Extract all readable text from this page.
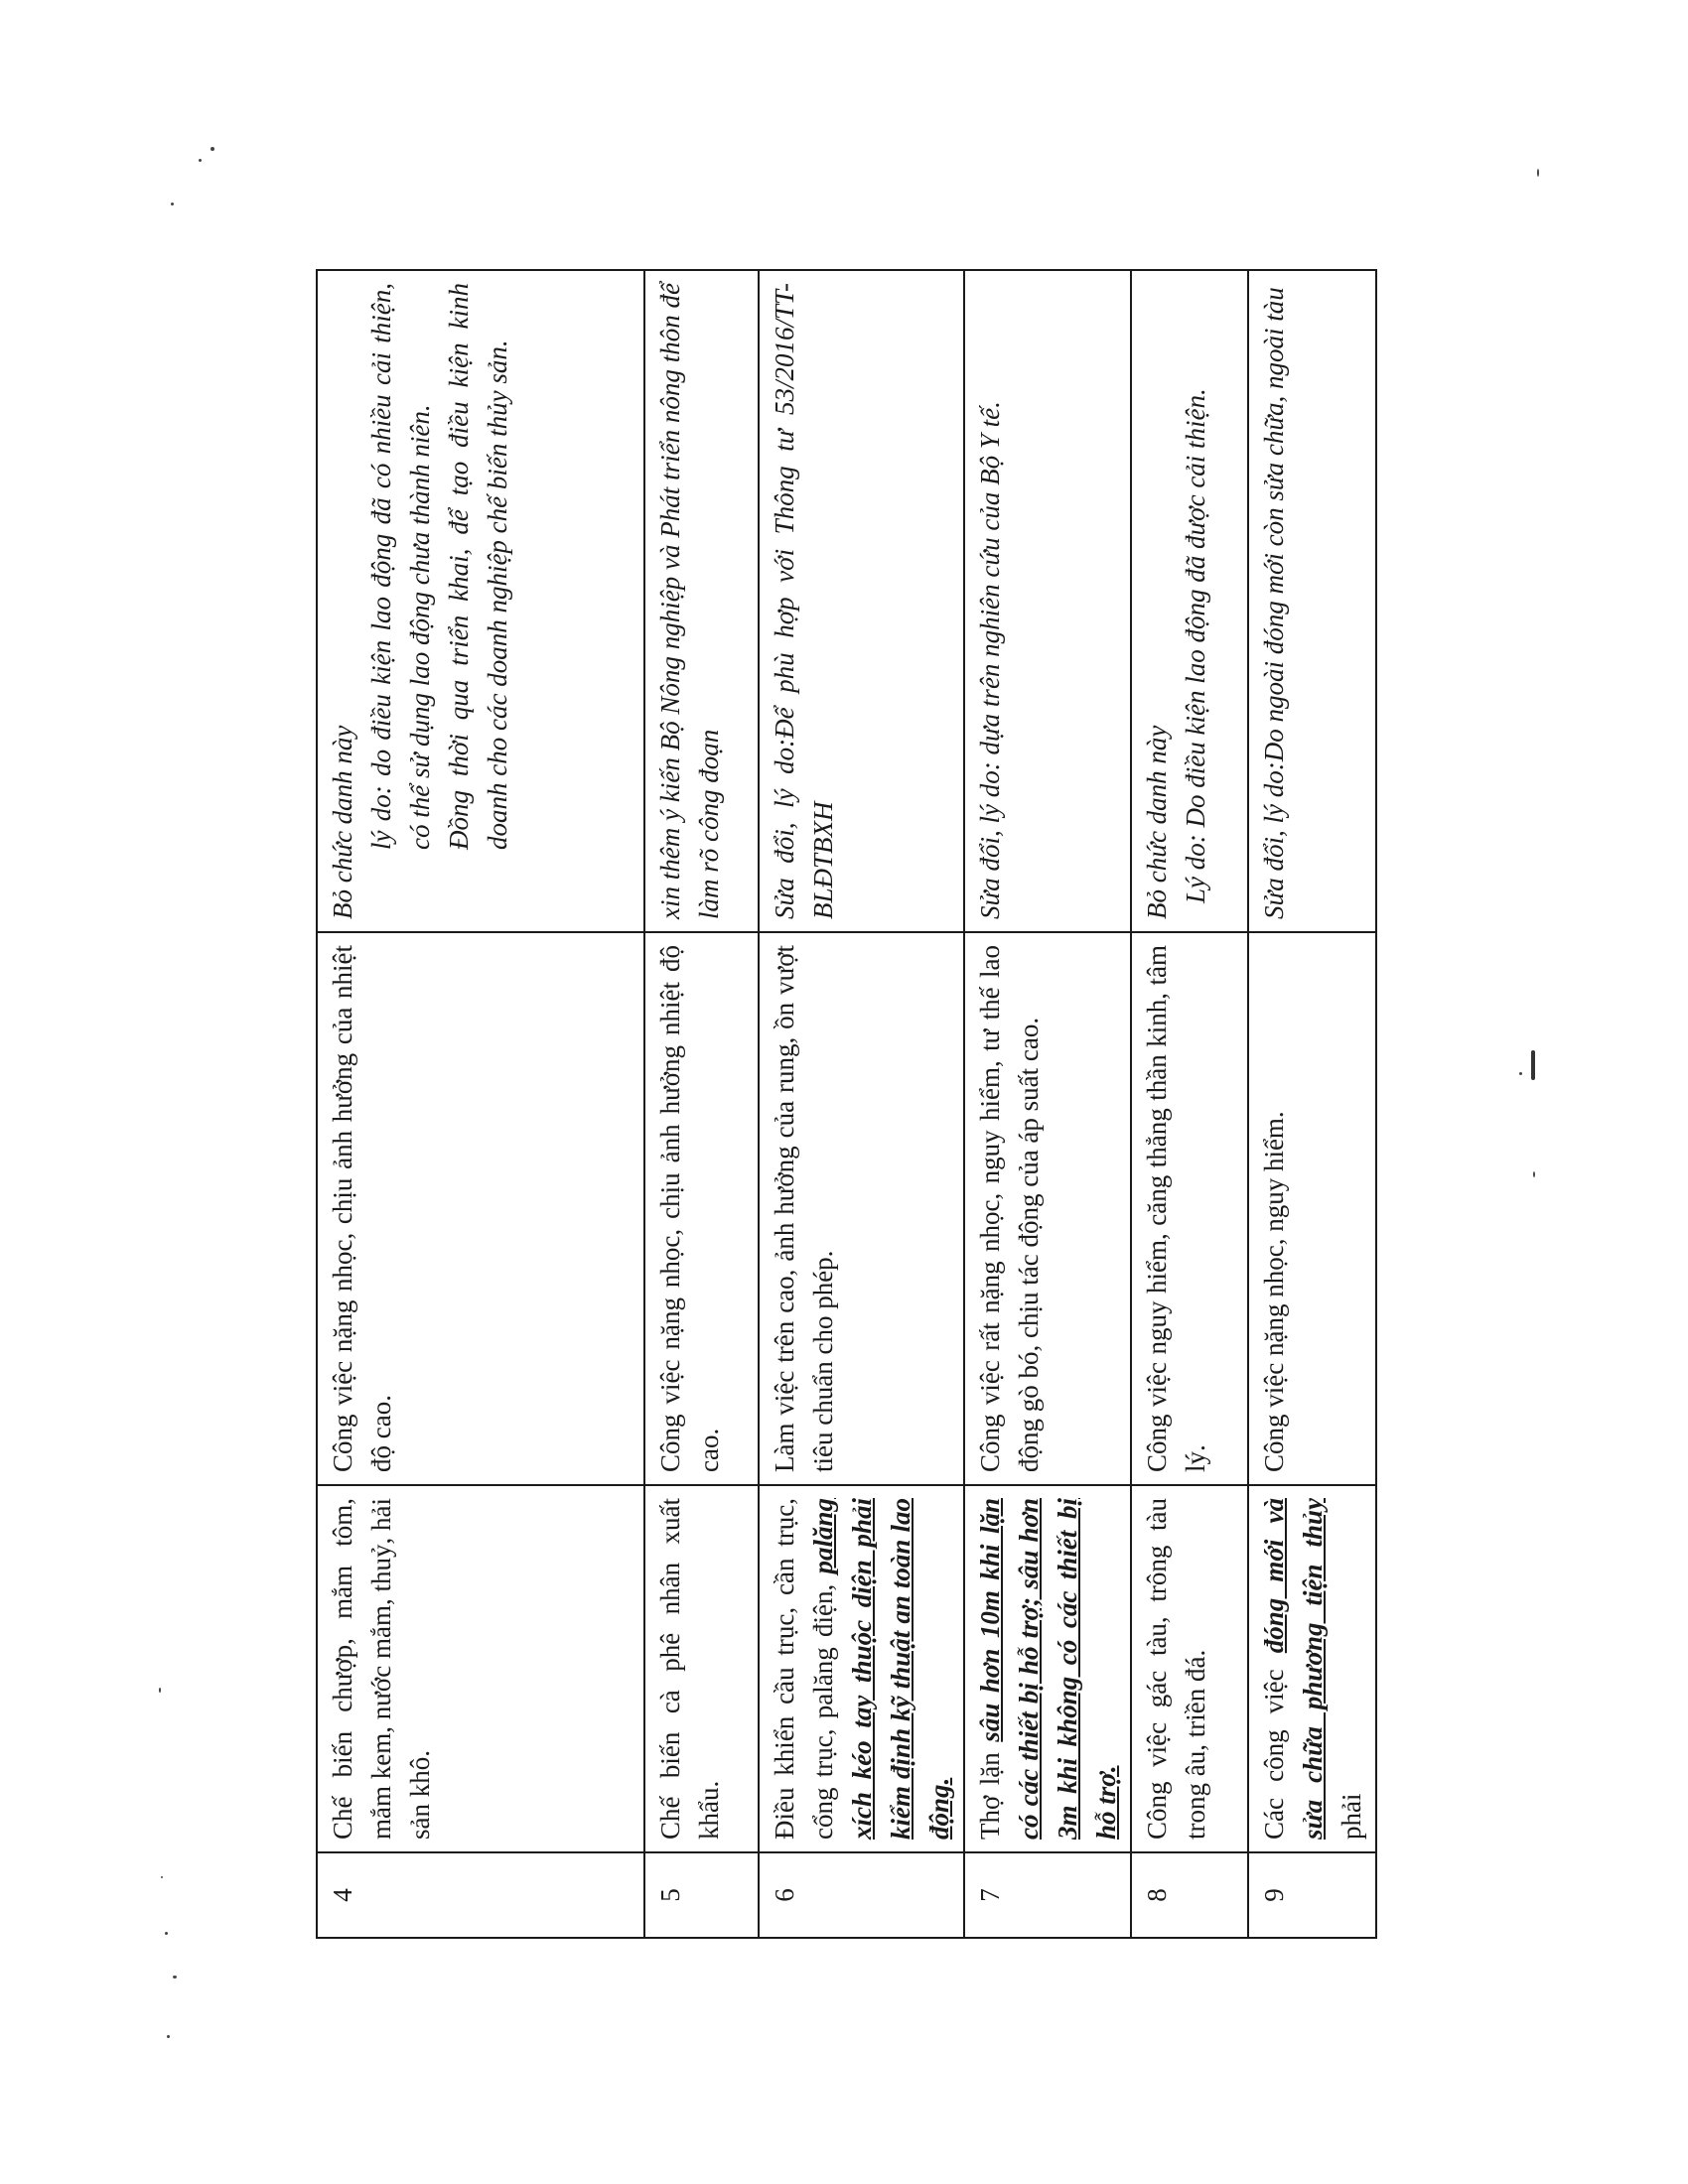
4	Chế biến chượp, mắm tôm, mắm kem, nước mắm, thuỷ, hải sản khô.	Công việc nặng nhọc, chịu ảnh hưởng của nhiệt độ cao.	Bỏ chức danh này lý do: do điều kiện lao động đã có nhiều cải thiện, có thể sử dụng lao động chưa thành niên. Đồng thời qua triển khai, để tạo điều kiện kinh doanh cho các doanh nghiệp chế biến thủy sản.

5	Chế biến cà phê nhân xuất khẩu.	Công việc nặng nhọc, chịu ảnh hưởng nhiệt độ cao.	xin thêm ý kiến Bộ Nông nghiệp và Phát triển nông thôn để làm rõ công đoạn

6	Điều khiển cầu trục, cần trục, cổng trục, palăng điện, palăng xích kéo tay thuộc diện phải kiểm định kỹ thuật an toàn lao động.	Làm việc trên cao, ảnh hưởng của rung, ồn vượt tiêu chuẩn cho phép.	Sửa đổi, lý do:Để phù hợp với Thông tư 53/2016/TT-BLĐTBXH

7	Thợ lặn sâu hơn 10m khi lặn có các thiết bị hỗ trợ; sâu hơn 3m khi không có các thiết bị hỗ trợ.	Công việc rất nặng nhọc, nguy hiểm, tư thế lao động gò bó, chịu tác động của áp suất cao.	Sửa đổi, lý do: dựa trên nghiên cứu của Bộ Y tế.

8	Công việc gác tàu, trông tàu trong âu, triền đá.	Công việc nguy hiểm, căng thẳng thần kinh, tâm lý.	Bỏ chức danh này Lý do: Do điều kiện lao động đã được cải thiện.

9	Các công việc đóng mới và sửa chữa phương tiện thủy phải	Công việc nặng nhọc, nguy hiểm.	Sửa đổi, lý do:Do ngoài đóng mới còn sửa chữa, ngoài tàu
